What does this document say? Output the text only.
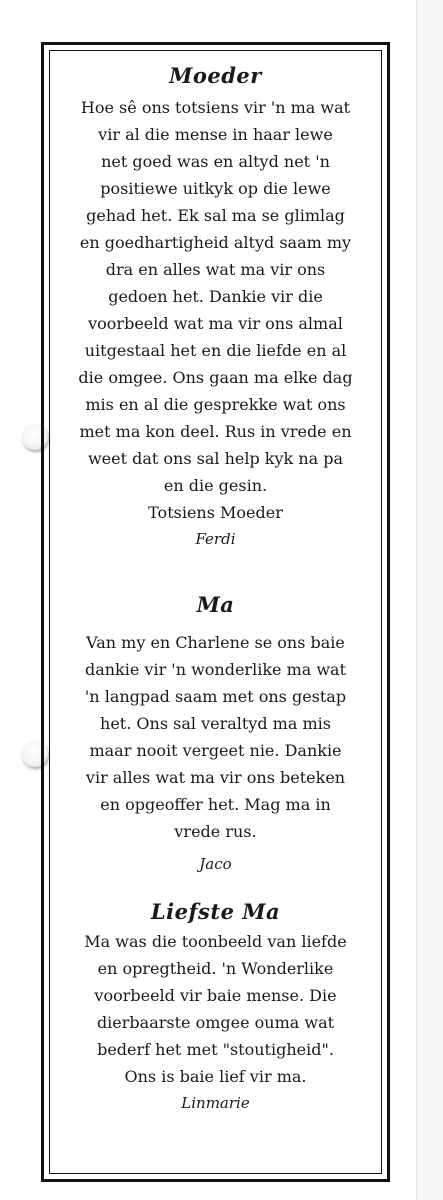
Moeder

Hoe sê ons totsiens vir 'n ma wat

vir al die mense in haar lewe

net goed was en altyd net 'n

positiewe uitkyk op die lewe

gehad het. Ek sal ma se glimlag

en goedhartigheid altyd saam my

dra en alles wat ma vir ons

gedoen het. Dankie vir die

voorbeeld wat ma vir ons almal

uitgestaal het en die liefde en al

die omgee. Ons gaan ma elke dag

mis en al die gesprekke wat ons

met ma kon deel. Rus in vrede en

weet dat ons sal help kyk na pa

en die gesin.

Totsiens Moeder

Ferdi

Ma

Van my en Charlene se ons baie

dankie vir 'n wonderlike ma wat

'n langpad saam met ons gestap

het. Ons sal veraltyd ma mis

maar nooit vergeet nie. Dankie

vir alles wat ma vir ons beteken

en opgeoffer het. Mag ma in

vrede rus.

Jaco

Liefste Ma

Ma was die toonbeeld van liefde

en opregtheid. 'n Wonderlike

voorbeeld vir baie mense. Die

dierbaarste omgee ouma wat

bederf het met "stoutigheid".

Ons is baie lief vir ma.

Linmarie
